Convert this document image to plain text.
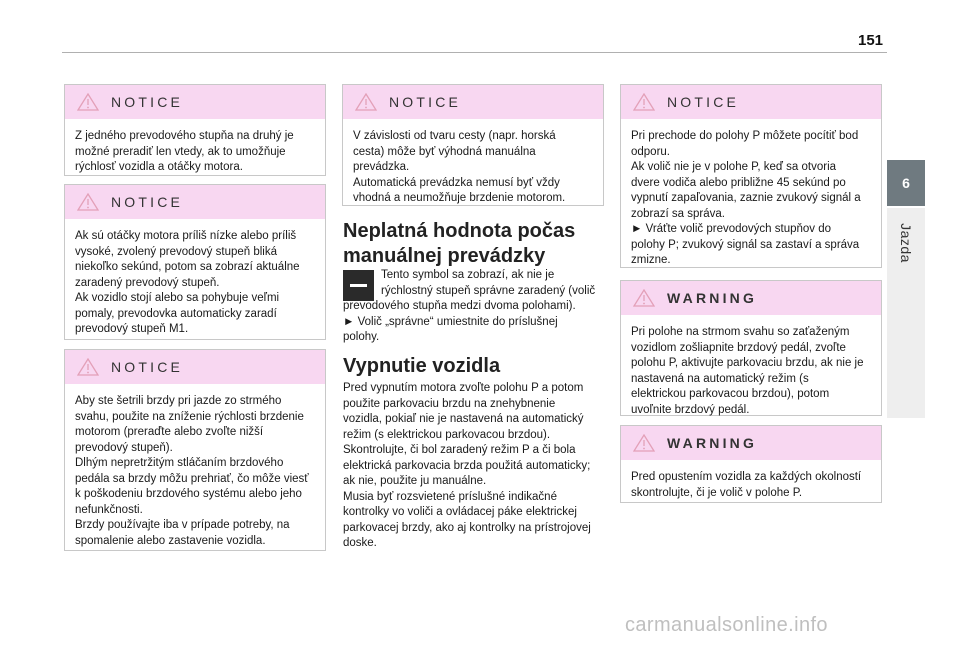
151
6
Jazda
NOTICE

Z jedného prevodového stupňa na druhý je

možné preradiť len vtedy, ak to umožňuje

rýchlosť vozidla a otáčky motora.

NOTICE

Ak sú otáčky motora príliš nízke alebo príliš

vysoké, zvolený prevodový stupeň bliká

niekoľko sekúnd, potom sa zobrazí aktuálne

zaradený prevodový stupeň.

Ak vozidlo stojí alebo sa pohybuje veľmi

pomaly, prevodovka automaticky zaradí

prevodový stupeň M1.

NOTICE

Aby ste šetrili brzdy pri jazde zo strmého

svahu, použite na zníženie rýchlosti brzdenie

motorom (preraďte alebo zvoľte nižší

prevodový stupeň).

Dlhým nepretržitým stláčaním brzdového

pedála sa brzdy môžu prehriať, čo môže viesť

k poškodeniu brzdového systému alebo jeho

nefunkčnosti.

Brzdy používajte iba v prípade potreby, na

spomalenie alebo zastavenie vozidla.

NOTICE

V závislosti od tvaru cesty (napr. horská

cesta) môže byť výhodná manuálna

prevádzka.

Automatická prevádzka nemusí byť vždy

vhodná a neumožňuje brzdenie motorom.

Neplatná hodnota počas
manuálnej prevádzky

Tento symbol sa zobrazí, ak nie je

rýchlostný stupeň správne zaradený (volič

prevodového stupňa medzi dvoma polohami).

► Volič „správne“ umiestnite do príslušnej

polohy.

Vypnutie vozidla

Pred vypnutím motora zvoľte polohu P a potom

použite parkovaciu brzdu na znehybnenie

vozidla, pokiaľ nie je nastavená na automatický

režim (s elektrickou parkovacou brzdou).

Skontrolujte, či bol zaradený režim P a či bola

elektrická parkovacia brzda použitá automaticky;

ak nie, použite ju manuálne.

Musia byť rozsvietené príslušné indikačné

kontrolky vo voliči a ovládacej páke elektrickej

parkovacej brzdy, ako aj kontrolky na prístrojovej

doske.

NOTICE

Pri prechode do polohy P môžete pocítiť bod

odporu.

Ak volič nie je v polohe P, keď sa otvoria

dvere vodiča alebo približne 45 sekúnd po

vypnutí zapaľovania, zaznie zvukový signál a

zobrazí sa správa.

► Vráťte volič prevodových stupňov do

polohy P; zvukový signál sa zastaví a správa

zmizne.

WARNING

Pri polohe na strmom svahu so zaťaženým

vozidlom zošliapnite brzdový pedál, zvoľte

polohu P, aktivujte parkovaciu brzdu, ak nie je

nastavená na automatický režim (s

elektrickou parkovacou brzdou), potom

uvoľnite brzdový pedál.

WARNING

Pred opustením vozidla za každých okolností

skontrolujte, či je volič v polohe P.

carmanualsonline.info
